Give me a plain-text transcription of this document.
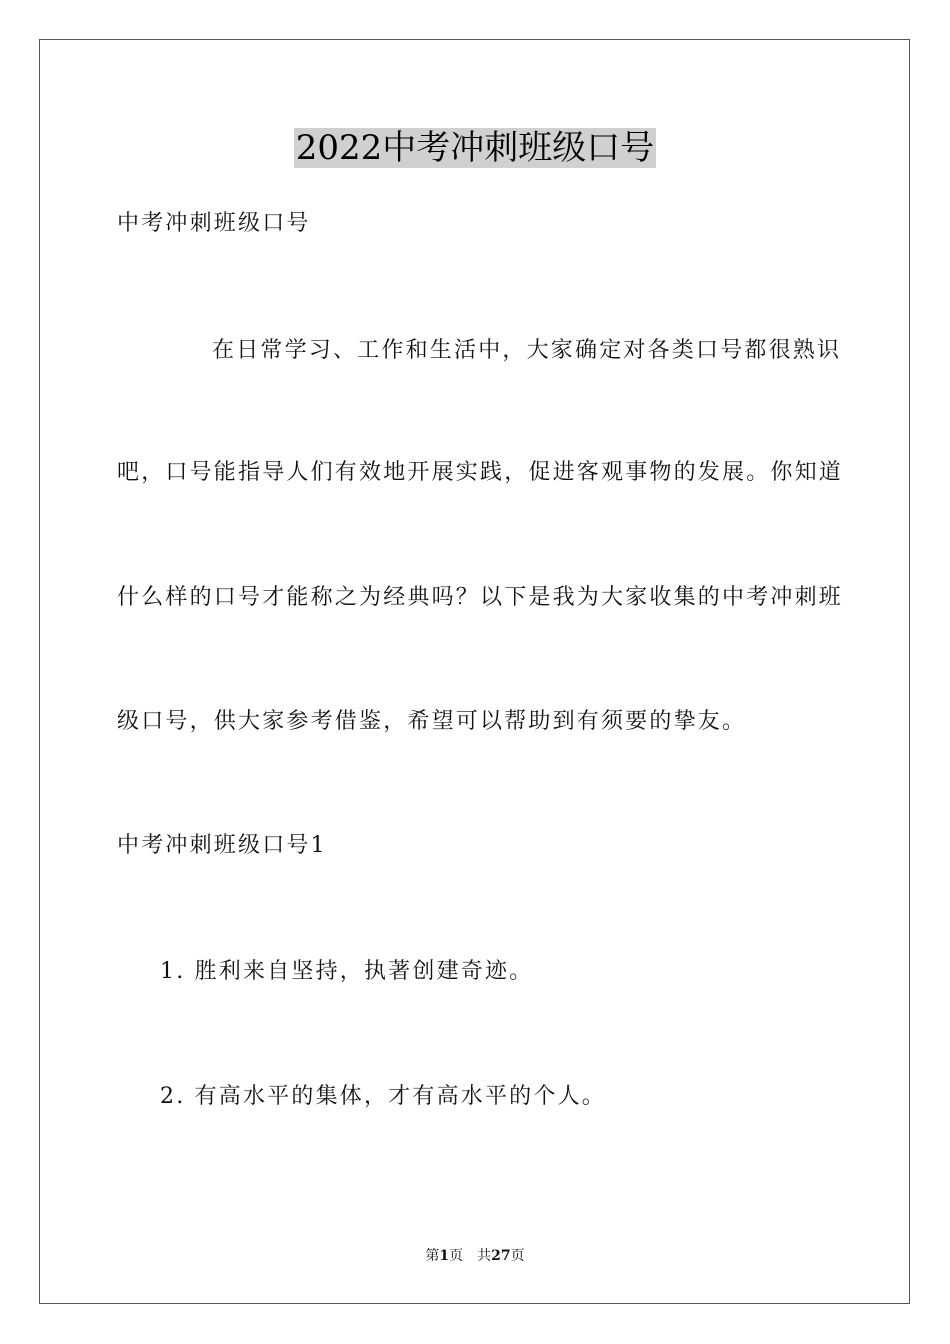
2022中考冲刺班级口号
中考冲刺班级口号
在日常学习、工作和生活中，大家确定对各类口号都很熟识
吧，口号能指导人们有效地开展实践，促进客观事物的发展。你知道
什么样的口号才能称之为经典吗？以下是我为大家收集的中考冲刺班
级口号，供大家参考借鉴，希望可以帮助到有须要的挚友。
中考冲刺班级口号1
1. 胜利来自坚持，执著创建奇迹。
2. 有高水平的集体，才有高水平的个人。
第1页 共27页
